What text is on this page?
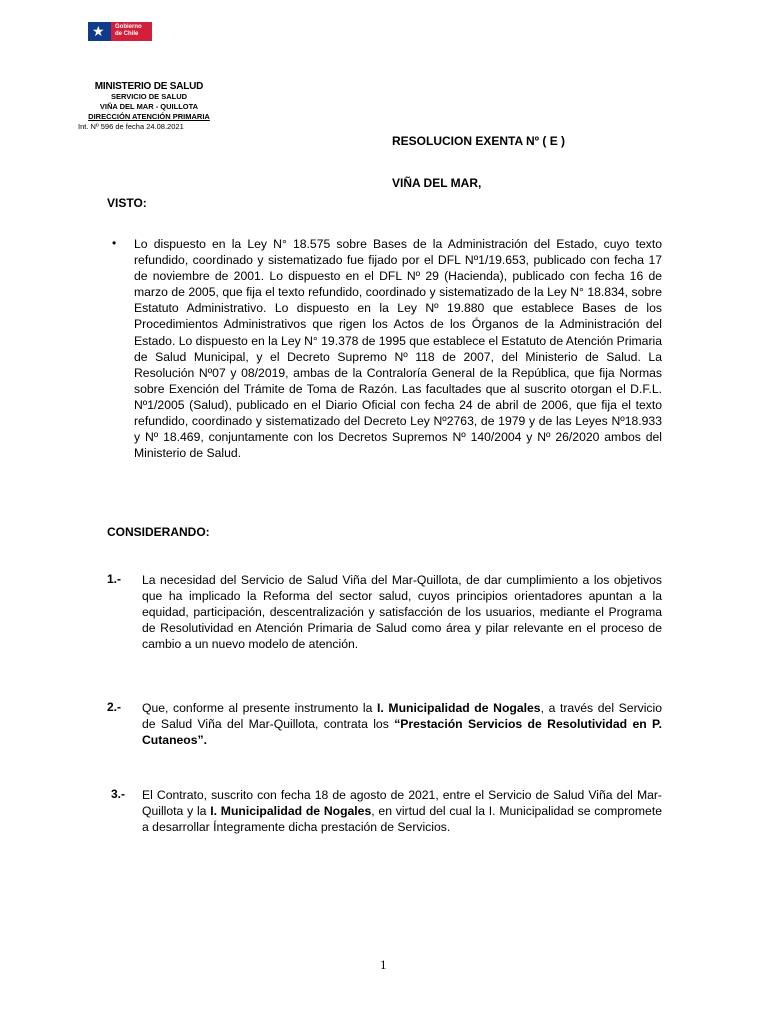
★ Gobierno
de Chile
MINISTERIO DE SALUD
SERVICIO DE SALUD
VIÑA DEL MAR - QUILLOTA
DIRECCIÓN ATENCIÓN PRIMARIA
Int. Nº 596 de fecha 24.08.2021
RESOLUCION EXENTA Nº ( E )
VIÑA DEL MAR,
VISTO:
• Lo dispuesto en la Ley N° 18.575 sobre Bases de la Administración del Estado, cuyo texto refundido, coordinado y sistematizado fue fijado por el DFL Nº1/19.653, publicado con fecha 17 de noviembre de 2001. Lo dispuesto en el DFL Nº 29 (Hacienda), publicado con fecha 16 de marzo de 2005, que fija el texto refundido, coordinado y sistematizado de la Ley N° 18.834, sobre Estatuto Administrativo. Lo dispuesto en la Ley Nº 19.880 que establece Bases de los Procedimientos Administrativos que rigen los Actos de los Órganos de la Administración del Estado. Lo dispuesto en la Ley N° 19.378 de 1995 que establece el Estatuto de Atención Primaria de Salud Municipal, y el Decreto Supremo Nº 118 de 2007, del Ministerio de Salud. La Resolución Nº07 y 08/2019, ambas de la Contraloría General de la República, que fija Normas sobre Exención del Trámite de Toma de Razón. Las facultades que al suscrito otorgan el D.F.L. Nº1/2005 (Salud), publicado en el Diario Oficial con fecha 24 de abril de 2006, que fija el texto refundido, coordinado y sistematizado del Decreto Ley Nº2763, de 1979 y de las Leyes Nº18.933 y Nº 18.469, conjuntamente con los Decretos Supremos Nº 140/2004 y Nº 26/2020 ambos del Ministerio de Salud.
CONSIDERANDO:
1.- La necesidad del Servicio de Salud Viña del Mar-Quillota, de dar cumplimiento a los objetivos que ha implicado la Reforma del sector salud, cuyos principios orientadores apuntan a la equidad, participación, descentralización y satisfacción de los usuarios, mediante el Programa de Resolutividad en Atención Primaria de Salud como área y pilar relevante en el proceso de cambio a un nuevo modelo de atención.
2.- Que, conforme al presente instrumento la I. Municipalidad de Nogales, a través del Servicio de Salud Viña del Mar-Quillota, contrata los “Prestación Servicios de Resolutividad en P. Cutaneos”.
3.- El Contrato, suscrito con fecha 18 de agosto de 2021, entre el Servicio de Salud Viña del Mar-Quillota y la I. Municipalidad de Nogales, en virtud del cual la I. Municipalidad se compromete a desarrollar Íntegramente dicha prestación de Servicios.
1
